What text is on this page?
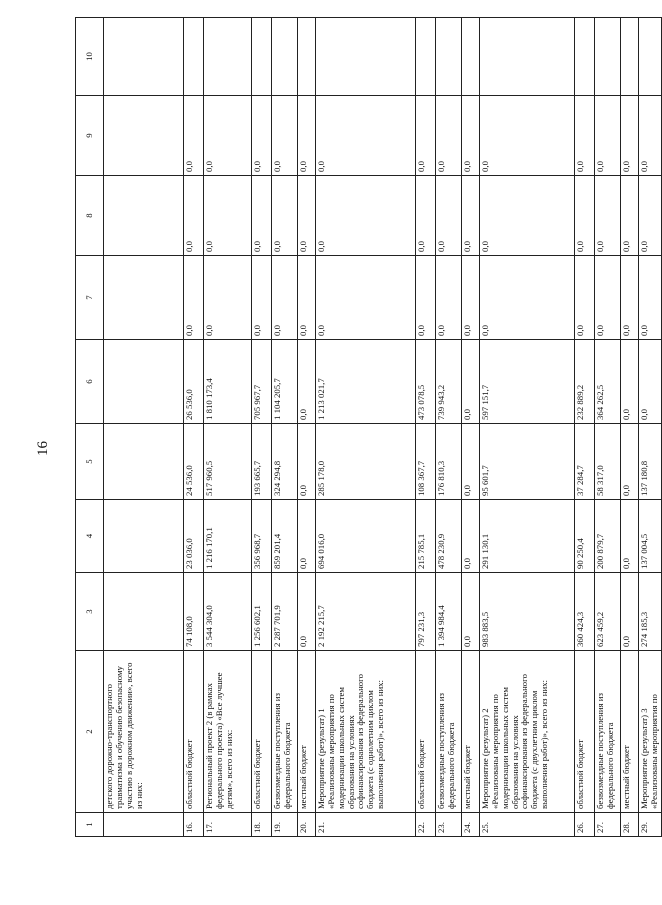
16
1	2	3	4	5	6	7	8	9	10
	детского дорожно-транспортного травматизма и обучению безопасному участию в дорожном движении», всего из них:								
16.	областной бюджет	74 108,0	23 036,0	24 536,0	26 536,0	0,0	0,0	0,0	
17.	Региональный проект 2 (в рамках федерального проекта) «Все лучшее детям», всего из них:	3 544 304,0	1 216 170,1	517 960,5	1 810 173,4	0,0	0,0	0,0	
18.	областной бюджет	1 256 602,1	356 968,7	193 665,7	705 967,7	0,0	0,0	0,0	
19.	безвозмездные поступления из федерального бюджета	2 287 701,9	859 201,4	324 294,8	1 104 205,7	0,0	0,0	0,0	
20.	местный бюджет	0,0	0,0	0,0	0,0	0,0	0,0	0,0	
21.	Мероприятие (результат) 1 «Реализованы мероприятия по модернизации школьных систем образования на условиях софинансирования из федерального бюджета (с однолетним циклом выполнения работ)», всего из них:	2 192 215,7	694 016,0	285 178,0	1 213 021,7	0,0	0,0	0,0	
22.	областной бюджет	797 231,3	215 785,1	108 367,7	473 078,5	0,0	0,0	0,0	
23.	безвозмездные поступления из федерального бюджета	1 394 984,4	478 230,9	176 810,3	739 943,2	0,0	0,0	0,0	
24.	местный бюджет	0,0	0,0	0,0	0,0	0,0	0,0	0,0	
25.	Мероприятие (результат) 2 «Реализованы мероприятия по модернизации школьных систем образования на условиях софинансирования из федерального бюджета (с двухлетним циклом выполнения работ)», всего из них:	983 883,5	291 130,1	95 601,7	597 151,7	0,0	0,0	0,0	
26.	областной бюджет	360 424,3	90 250,4	37 284,7	232 889,2	0,0	0,0	0,0	
27.	безвозмездные поступления из федерального бюджета	623 459,2	200 879,7	58 317,0	364 262,5	0,0	0,0	0,0	
28.	местный бюджет	0,0	0,0	0,0	0,0	0,0	0,0	0,0	
29.	Мероприятие (результат) 3 «Реализованы мероприятия по	274 185,3	137 004,5	137 180,8	0,0	0,0	0,0	0,0	
